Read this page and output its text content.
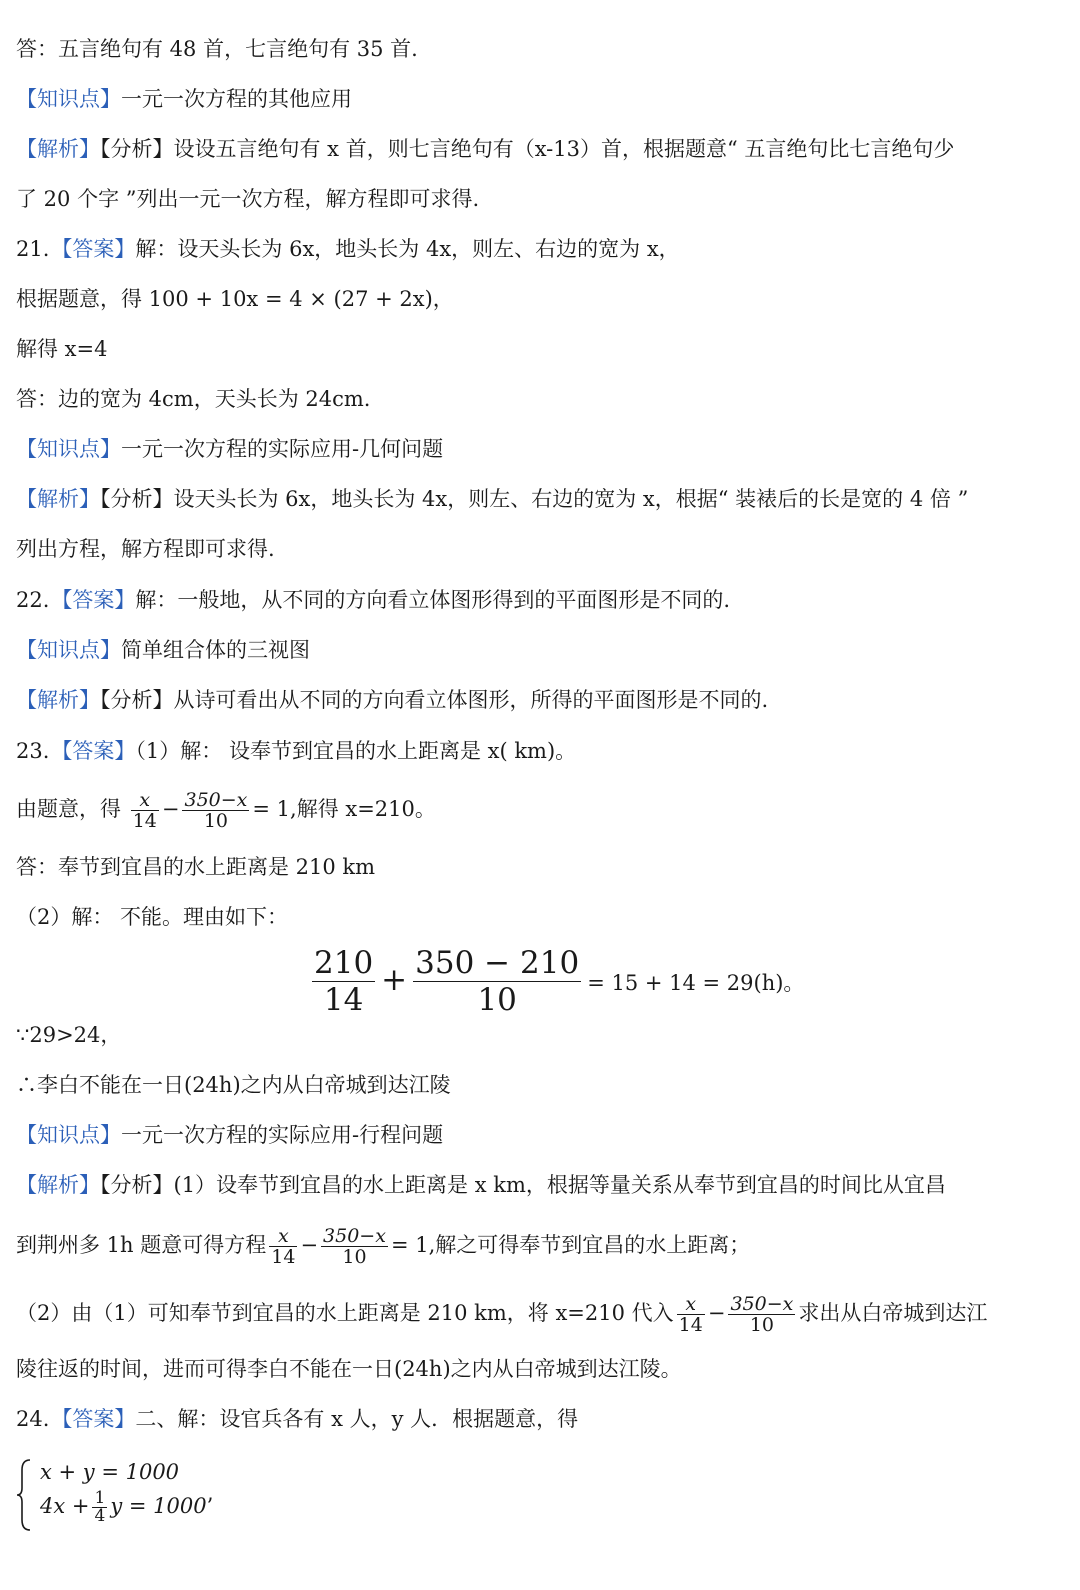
答：五言绝句有 48 首，七言绝句有 35 首.
【知识点】一元一次方程的其他应用
【解析】【分析】设设五言绝句有 x 首，则七言绝句有（x-13）首，根据题意“ 五言绝句比七言绝句少
了 20 个字 ”列出一元一次方程，解方程即可求得.
21.【答案】解：设天头长为 6x，地头长为 4x，则左、右边的宽为 x，
根据题意，得 100 + 10x = 4 × (27 + 2x)，
解得 x=4
答：边的宽为 4cm，天头长为 24cm.
【知识点】一元一次方程的实际应用-几何问题
【解析】【分析】设天头长为 6x，地头长为 4x，则左、右边的宽为 x，根据“ 装裱后的长是宽的 4 倍 ”
列出方程，解方程即可求得.
22.【答案】解：一般地，从不同的方向看立体图形得到的平面图形是不同的.
【知识点】简单组合体的三视图
【解析】【分析】从诗可看出从不同的方向看立体图形，所得的平面图形是不同的.
23.【答案】（1）解： 设奉节到宜昌的水上距离是 x( km)。
由题意，得 $\frac{x}{14} - \frac{350-x}{10} = 1$,解得 x=210。
答：奉节到宜昌的水上距离是 210 km
（2）解： 不能。理由如下：
$\frac{210}{14} + \frac{350 - 210}{10} = 15 + 14 = 29(h)$。
∵29>24，
∴李白不能在一日(24h)之内从白帝城到达江陵
【知识点】一元一次方程的实际应用-行程问题
【解析】【分析】(1）设奉节到宜昌的水上距离是 x km，根据等量关系从奉节到宜昌的时间比从宜昌
到荆州多 1h 题意可得方程 $\frac{x}{14} - \frac{350-x}{10} = 1$,解之可得奉节到宜昌的水上距离；
（2）由（1）可知奉节到宜昌的水上距离是 210 km，将 x=210 代入 $\frac{x}{14} - \frac{350-x}{10}$ 求出从白帝城到达江
陵往返的时间，进而可得李白不能在一日(24h)之内从白帝城到达江陵。
24.【答案】二、解：设官兵各有 x 人，y 人．根据题意，得
x + y = 1000
$4x + \frac{1}{4}$ y = 1000’
